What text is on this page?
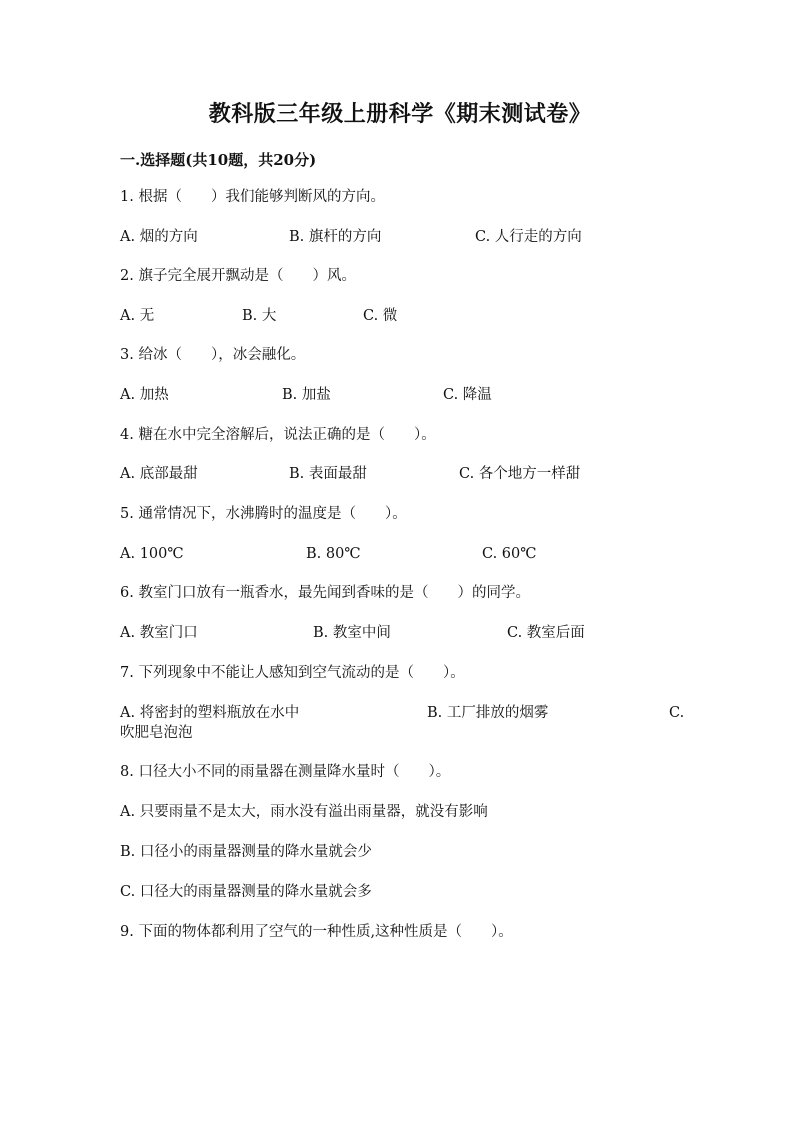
教科版三年级上册科学《期末测试卷》
一.选择题(共10题，共20分)
1. 根据（　　）我们能够判断风的方向。
A. 烟的方向	B. 旗杆的方向	C. 人行走的方向
2. 旗子完全展开飘动是（　　）风。
A. 无	B. 大	C. 微
3. 给冰（　　），冰会融化。
A. 加热	B. 加盐	C. 降温
4. 糖在水中完全溶解后，说法正确的是（　　）。
A. 底部最甜	B. 表面最甜	C. 各个地方一样甜
5. 通常情况下，水沸腾时的温度是（　　）。
A. 100℃	B. 80℃	C. 60℃
6. 教室门口放有一瓶香水，最先闻到香味的是（　　）的同学。
A. 教室门口	B. 教室中间	C. 教室后面
7. 下列现象中不能让人感知到空气流动的是（　　）。
A. 将密封的塑料瓶放在水中	B. 工厂排放的烟雾	C.
吹肥皂泡泡
8. 口径大小不同的雨量器在测量降水量时（　　）。
A. 只要雨量不是太大，雨水没有溢出雨量器，就没有影响
B. 口径小的雨量器测量的降水量就会少
C. 口径大的雨量器测量的降水量就会多
9. 下面的物体都利用了空气的一种性质,这种性质是（　　）。
